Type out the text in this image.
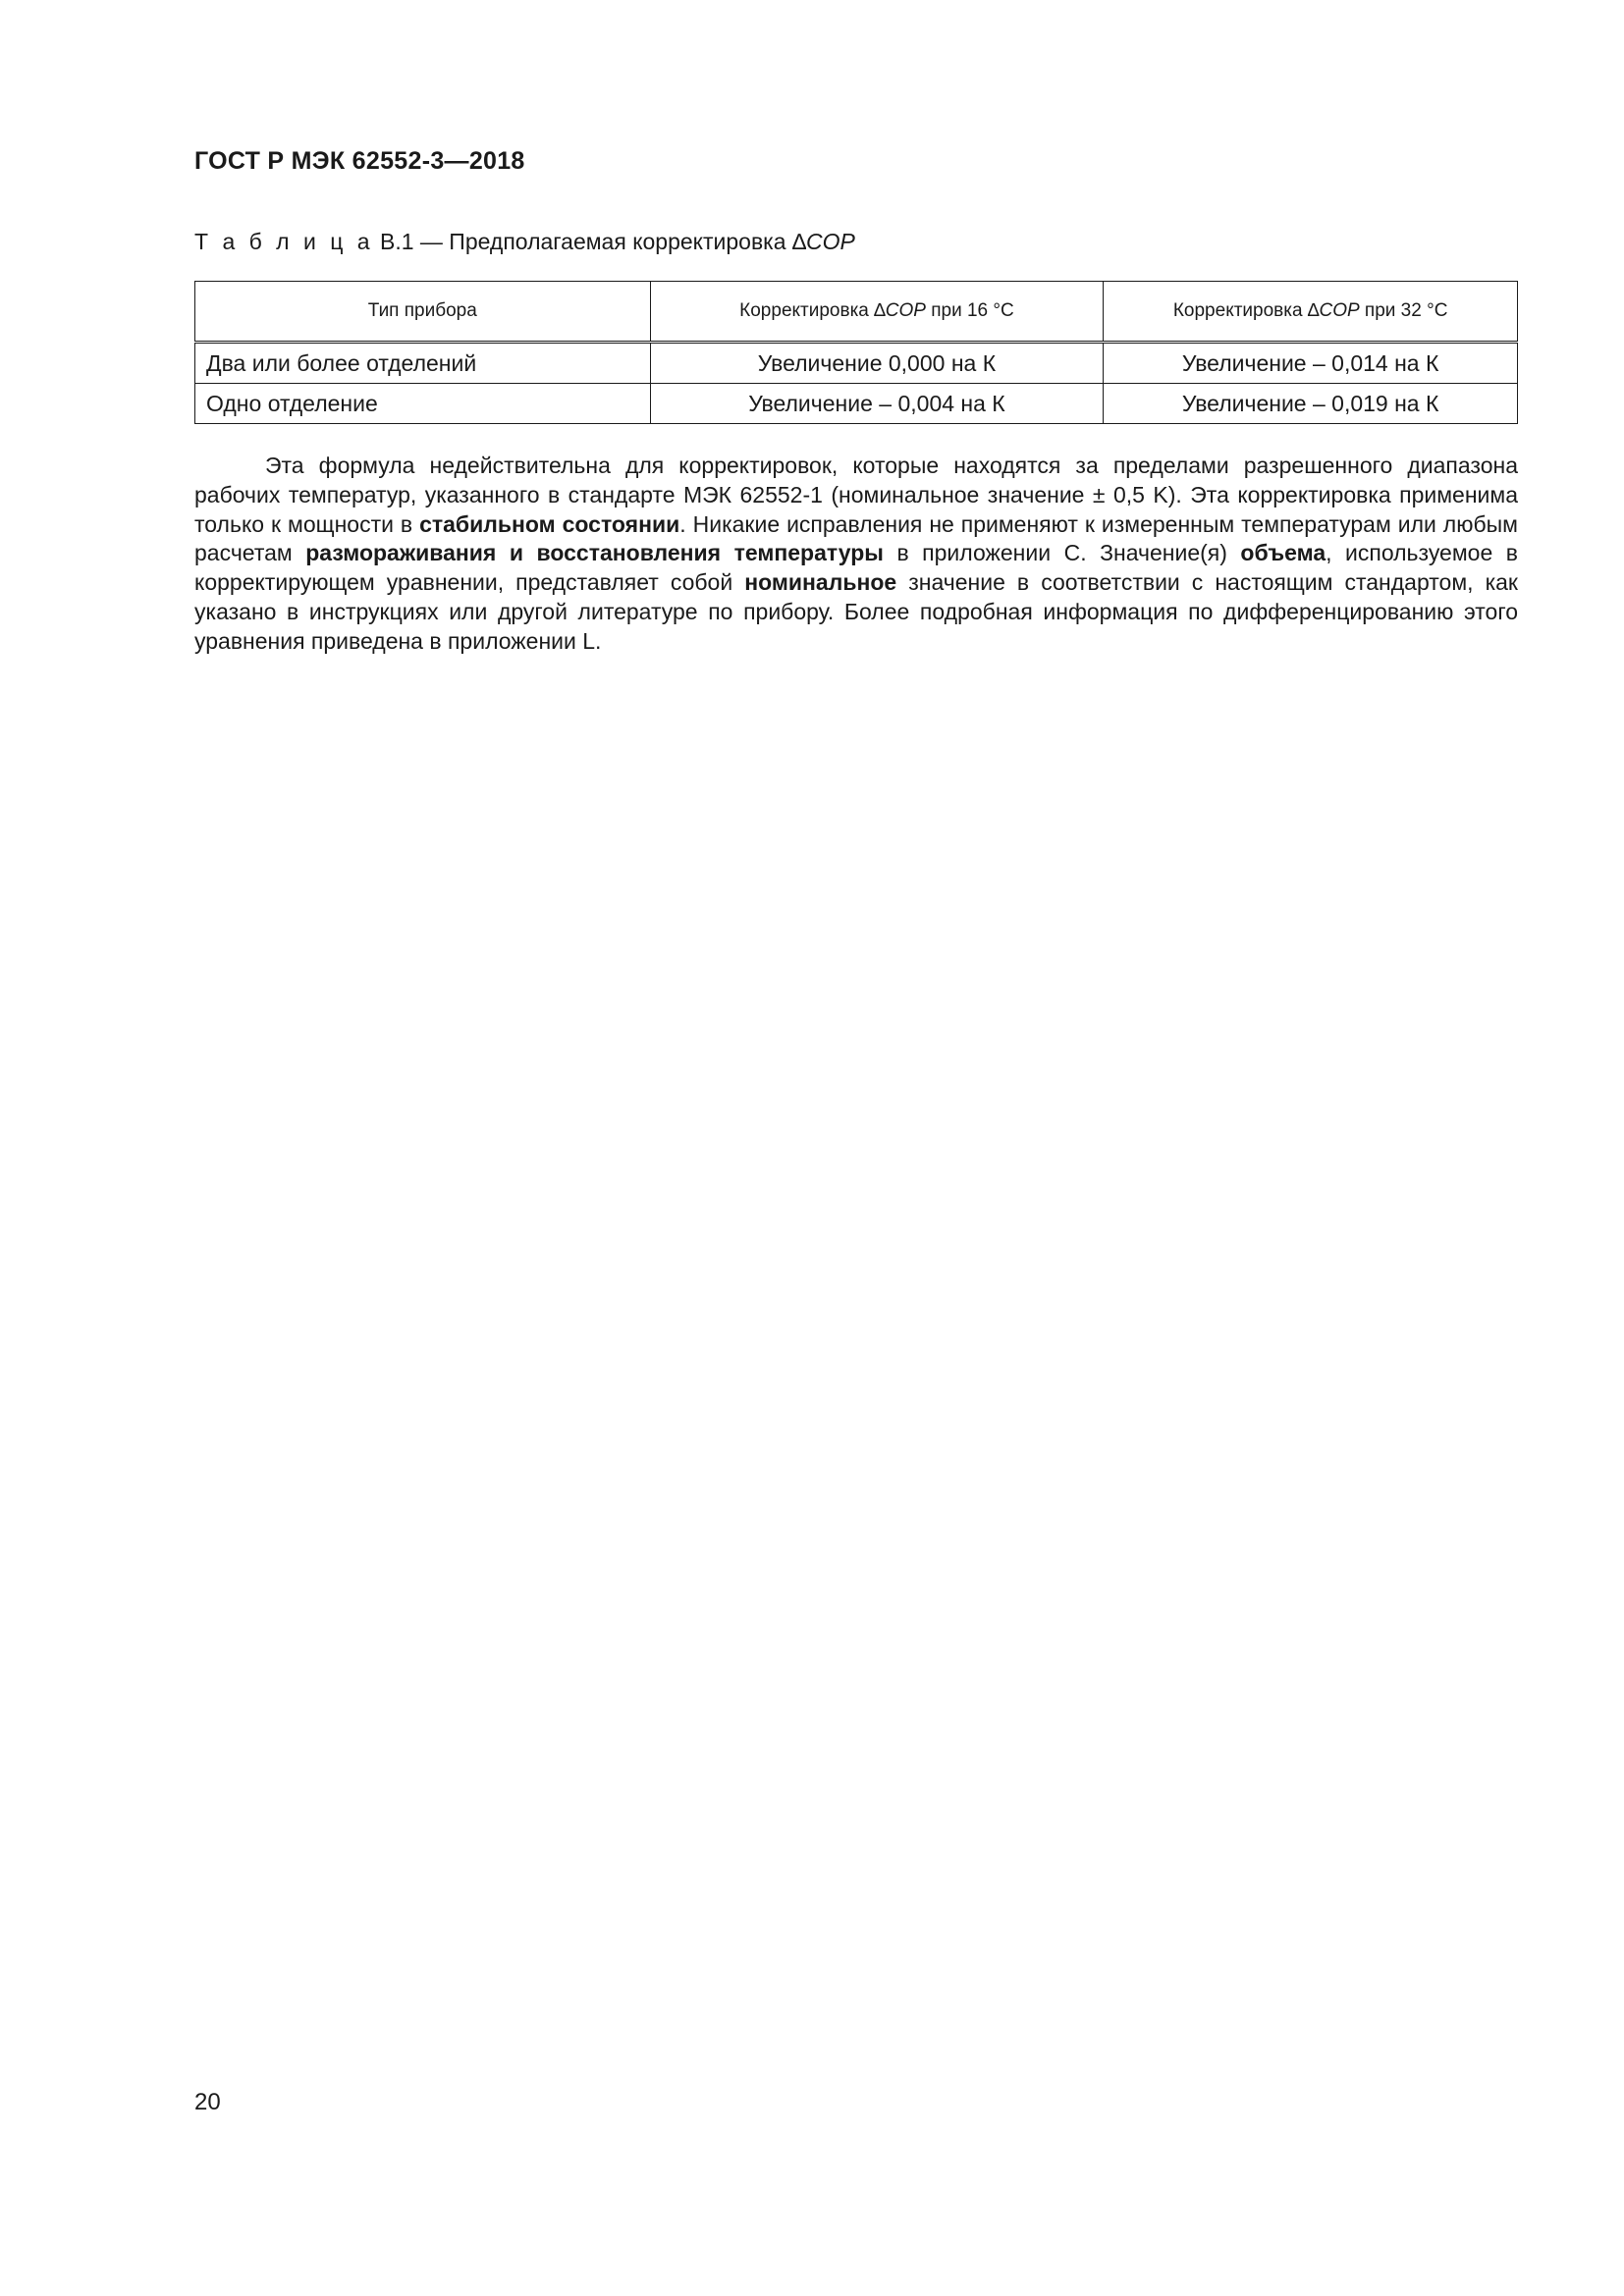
ГОСТ Р МЭК 62552-3—2018
Т а б л и ц а В.1 — Предполагаемая корректировка ∆COP
Тип прибора	Корректировка ∆COP при 16 °C	Корректировка ∆COP при 32 °C
Два или более отделений	Увеличение 0,000 на К	Увеличение – 0,014 на К
Одно отделение	Увеличение – 0,004 на К	Увеличение – 0,019 на К

Эта формула недействительна для корректировок, которые находятся за пределами разрешенного диапазона рабочих температур, указанного в стандарте МЭК 62552-1 (номинальное значение ± 0,5 K). Эта корректировка применима только к мощности в стабильном состоянии. Никакие исправления не применяют к измеренным температурам или любым расчетам размораживания и восстановления температуры в приложении С. Значение(я) объема, используемое в корректирующем уравнении, представляет собой номинальное значение в соответствии с настоящим стандартом, как указано в инструкциях или другой литературе по прибору. Более подробная информация по дифференцированию этого уравнения приведена в приложении L.

20
